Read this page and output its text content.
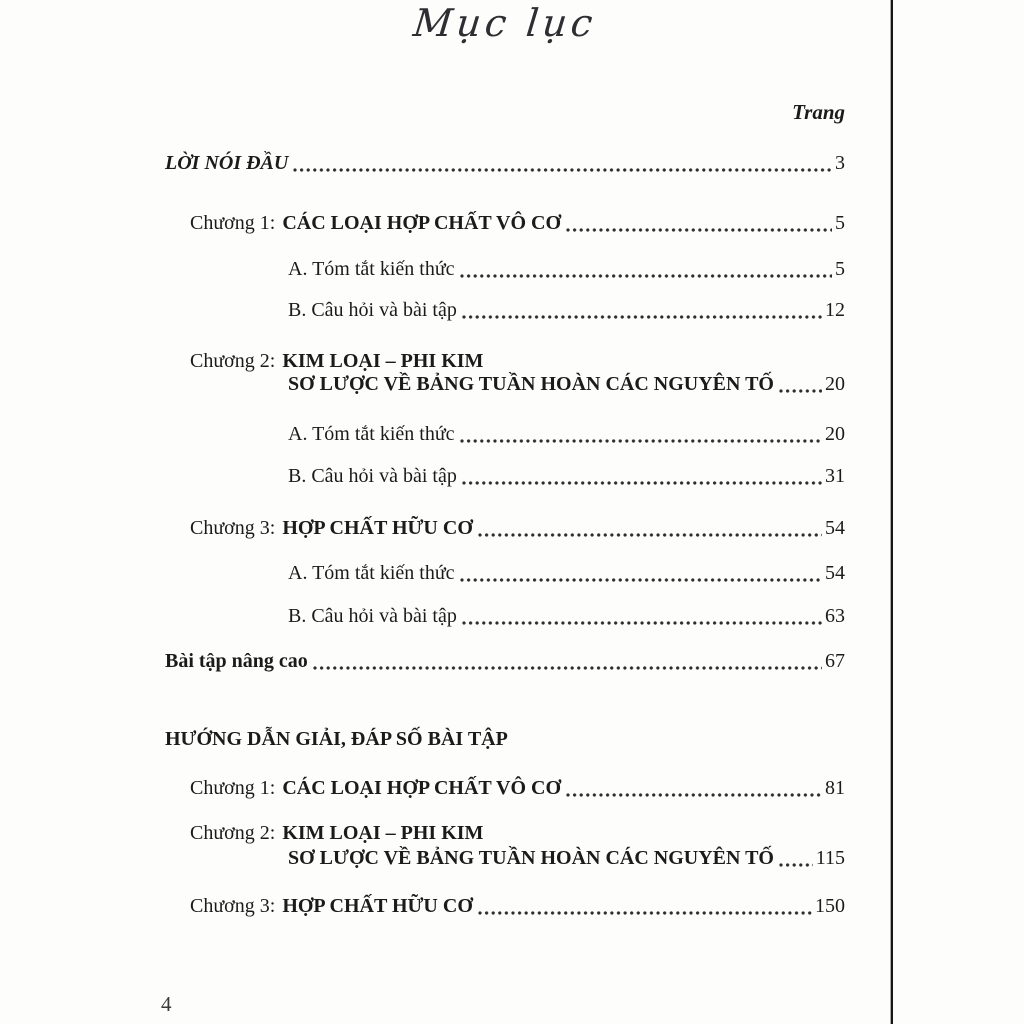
Mục lục
Trang
LỜI NÓI ĐẦU	3
Chương 1: CÁC LOẠI HỢP CHẤT VÔ CƠ	5
A. Tóm tắt kiến thức	5
B. Câu hỏi và bài tập	12
Chương 2: KIM LOẠI – PHI KIM
SƠ LƯỢC VỀ BẢNG TUẦN HOÀN CÁC NGUYÊN TỐ	20
A. Tóm tắt kiến thức	20
B. Câu hỏi và bài tập	31
Chương 3: HỢP CHẤT HỮU CƠ	54
A. Tóm tắt kiến thức	54
B. Câu hỏi và bài tập	63
Bài tập nâng cao	67
HƯỚNG DẪN GIẢI, ĐÁP SỐ BÀI TẬP
Chương 1: CÁC LOẠI HỢP CHẤT VÔ CƠ	81
Chương 2: KIM LOẠI – PHI KIM
SƠ LƯỢC VỀ BẢNG TUẦN HOÀN CÁC NGUYÊN TỐ 115
Chương 3: HỢP CHẤT HỮU CƠ	150
4
